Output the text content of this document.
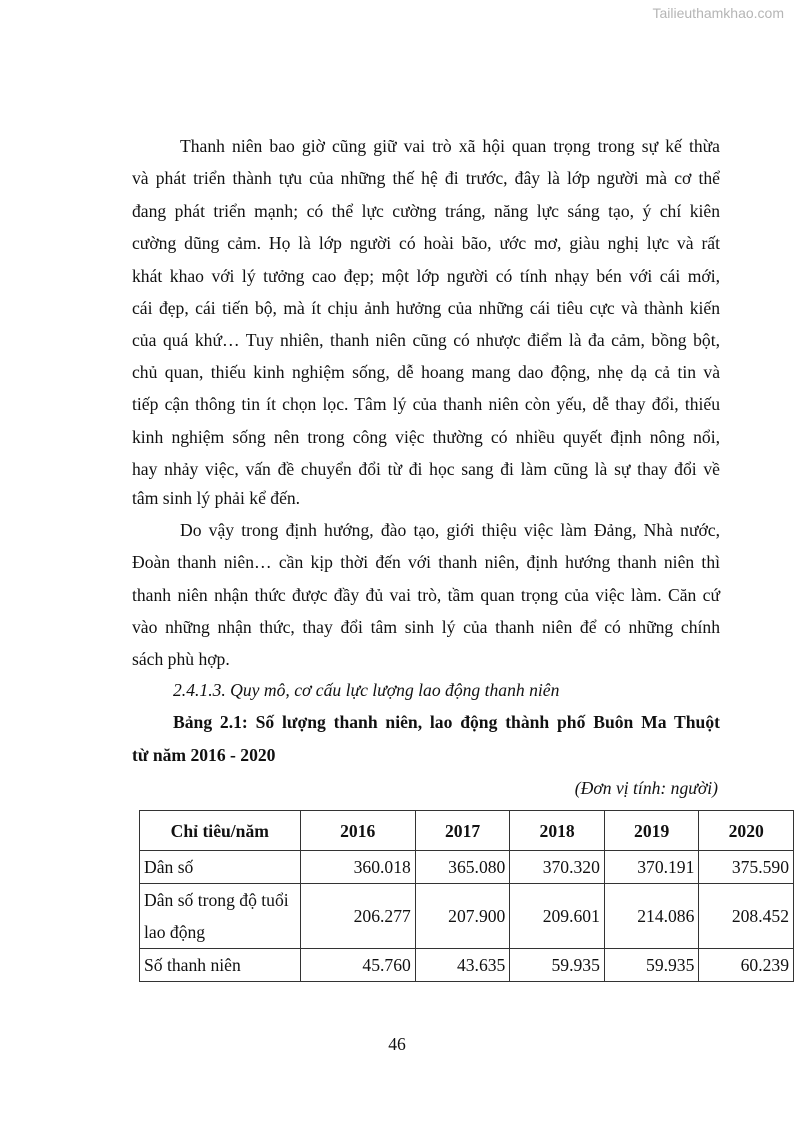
Tailieuthamkhao.com
Thanh niên bao giờ cũng giữ vai trò xã hội quan trọng trong sự kế thừa
và phát triển thành tựu của những thế hệ đi trước, đây là lớp người mà cơ thể
đang phát triển mạnh; có thể lực cường tráng, năng lực sáng tạo, ý chí kiên
cường dũng cảm. Họ là lớp người có hoài bão, ước mơ, giàu nghị lực và rất
khát khao với lý tưởng cao đẹp; một lớp người có tính nhạy bén với cái mới,
cái đẹp, cái tiến bộ, mà ít chịu ảnh hưởng của những cái tiêu cực và thành kiến
của quá khứ… Tuy nhiên, thanh niên cũng có nhược điểm là đa cảm, bồng bột,
chủ quan, thiếu kinh nghiệm sống, dễ hoang mang dao động, nhẹ dạ cả tin và
tiếp cận thông tin ít chọn lọc. Tâm lý của thanh niên còn yếu, dễ thay đổi, thiếu
kinh nghiệm sống nên trong công việc thường có nhiều quyết định nông nổi,
hay nhảy việc, vấn đề chuyển đổi từ đi học sang đi làm cũng là sự thay đổi về
tâm sinh lý phải kể đến.
Do vậy trong định hướng, đào tạo, giới thiệu việc làm Đảng, Nhà nước,
Đoàn thanh niên… cần kịp thời đến với thanh niên, định hướng thanh niên thì
thanh niên nhận thức được đầy đủ vai trò, tầm quan trọng của việc làm. Căn cứ
vào những nhận thức, thay đổi tâm sinh lý của thanh niên để có những chính
sách phù hợp.
2.4.1.3. Quy mô, cơ cấu lực lượng lao động thanh niên
Bảng 2.1: Số lượng thanh niên, lao động thành phố Buôn Ma Thuột
từ năm 2016 - 2020
(Đơn vị tính: người)
Chỉ tiêu/năm	2016	2017	2018	2019	2020
Dân số	360.018	365.080	370.320	370.191	375.590
Dân số trong độ tuổi lao động	206.277	207.900	209.601	214.086	208.452
Số thanh niên	45.760	43.635	59.935	59.935	60.239
46
